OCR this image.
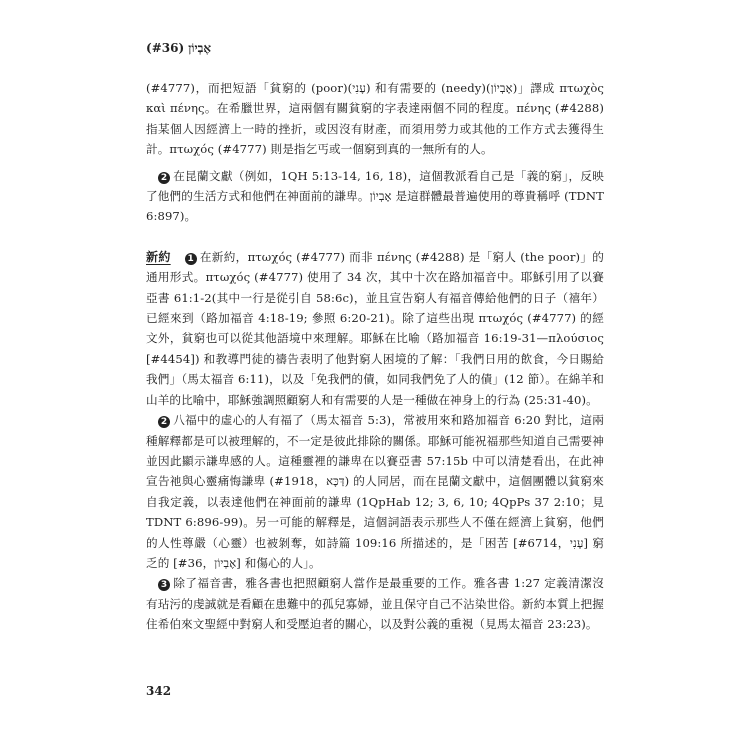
אֶבְיוֹן (#36)

(#4777)，而把短語「貧窮的 (poor)(עָנִי) 和有需要的 (needy)(אֶבְיוֹן)」譯成 πτωχὸς καὶ πένης。在希臘世界，這兩個有關貧窮的字表達兩個不同的程度。πένης (#4288) 指某個人因經濟上一時的挫折，或因沒有財產，而須用勞力或其他的工作方式去獲得生計。πτωχός (#4777) 則是指乞丐或一個窮到真的一無所有的人。

2 在昆蘭文獻（例如，1QH 5:13-14, 16, 18)，這個教派看自己是「義的窮」，反映了他們的生活方式和他們在神面前的謙卑。אֶבְיוֹן 是這群體最普遍使用的尊貴稱呼 (TDNT 6:897)。

新約 1 在新約，πτωχός (#4777) 而非 πένης (#4288) 是「窮人 (the poor)」的通用形式。πτωχός (#4777) 使用了 34 次，其中十次在路加福音中。耶穌引用了以賽亞書 61:1-2(其中一行是從引自 58:6c)，並且宣告窮人有福音傳給他們的日子（禧年）已經來到（路加福音 4:18-19; 參照 6:20-21)。除了這些出現 πτωχός (#4777) 的經文外，貧窮也可以從其他語境中來理解。耶穌在比喻（路加福音 16:19-31—πλούσιος [#4454]) 和教導門徒的禱告表明了他對窮人困境的了解：「我們日用的飲食，今日賜給我們」（馬太福音 6:11)，以及「免我們的債，如同我們免了人的債」(12 節）。在綿羊和山羊的比喻中，耶穌強調照顧窮人和有需要的人是一種做在神身上的行為 (25:31-40)。

2 八福中的虛心的人有福了（馬太福音 5:3)，常被用來和路加福音 6:20 對比，這兩種解釋都是可以被理解的，不一定是彼此排除的關係。耶穌可能祝福那些知道自己需要神並因此顯示謙卑感的人。這種靈裡的謙卑在以賽亞書 57:15b 中可以清楚看出，在此神宣告祂與心靈痛悔謙卑 (דַּכָּא，#1918) 的人同居，而在昆蘭文獻中，這個團體以貧窮來自我定義，以表達他們在神面前的謙卑 (1QpHab 12; 3, 6, 10; 4QpPs 37 2:10；見 TDNT 6:896-99)。另一可能的解釋是，這個詞語表示那些人不僅在經濟上貧窮，他們的人性尊嚴（心靈）也被剝奪，如詩篇 109:16 所描述的，是「困苦 [עָנִי，#6714] 窮乏的 [אֶבְיוֹן，#36] 和傷心的人」。

3 除了福音書，雅各書也把照顧窮人當作是最重要的工作。雅各書 1:27 定義清潔沒有玷污的虔誠就是看顧在患難中的孤兒寡婦，並且保守自己不沾染世俗。新約本質上把握住希伯來文聖經中對窮人和受壓迫者的關心，以及對公義的重視（見馬太福音 23:23)。

342
